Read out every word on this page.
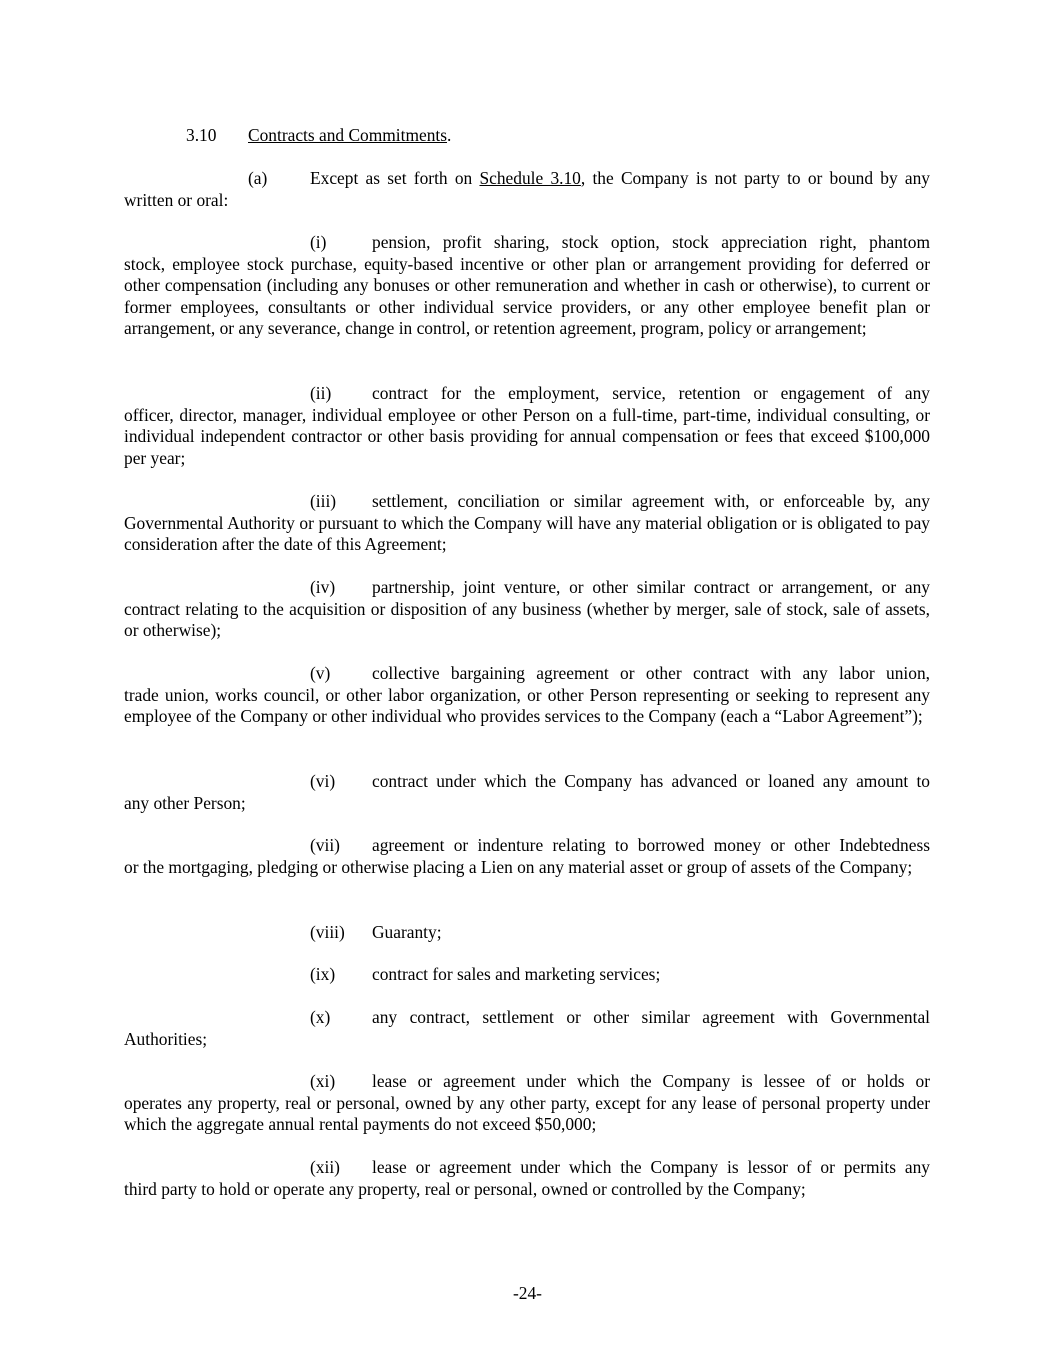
3.10 Contracts and Commitments.
(a) Except as set forth on Schedule 3.10, the Company is not party to or bound by any

written or oral:

(i)	pension, profit sharing, stock option, stock appreciation right, phantom

stock, employee stock purchase, equity-based incentive or other plan or arrangement providing for deferred or other compensation (including any bonuses or other remuneration and whether in cash or otherwise), to current or former employees, consultants or other individual service providers, or any other employee benefit plan or arrangement, or any severance, change in control, or retention agreement, program, policy or arrangement;

(ii) contract for the employment, service, retention or engagement of any

officer, director, manager, individual employee or other Person on a full-time, part-time, individual consulting, or individual independent contractor or other basis providing for annual compensation or fees that exceed $100,000 per year;

(iii) settlement, conciliation or similar agreement with, or enforceable by, any

Governmental Authority or pursuant to which the Company will have any material obligation or is obligated to pay consideration after the date of this Agreement;

(iv) partnership, joint venture, or other similar contract or arrangement, or any

contract relating to the acquisition or disposition of any business (whether by merger, sale of stock, sale of assets, or otherwise);

(v) collective bargaining agreement or other contract with any labor union,

trade union, works council, or other labor organization, or other Person representing or seeking to represent any employee of the Company or other individual who provides services to the Company (each a “Labor Agreement”);

(vi) contract under which the Company has advanced or loaned any amount to

any other Person;

(vii) agreement or indenture relating to borrowed money or other Indebtedness

or the mortgaging, pledging or otherwise placing a Lien on any material asset or group of assets of the Company;

(viii) Guaranty;
(ix) contract for sales and marketing services;
(x) any contract, settlement or other similar agreement with Governmental

Authorities;

(xi) lease or agreement under which the Company is lessee of or holds or

operates any property, real or personal, owned by any other party, except for any lease of personal property under which the aggregate annual rental payments do not exceed $50,000;

(xii) lease or agreement under which the Company is lessor of or permits any

third party to hold or operate any property, real or personal, owned or controlled by the Company;

-24-
